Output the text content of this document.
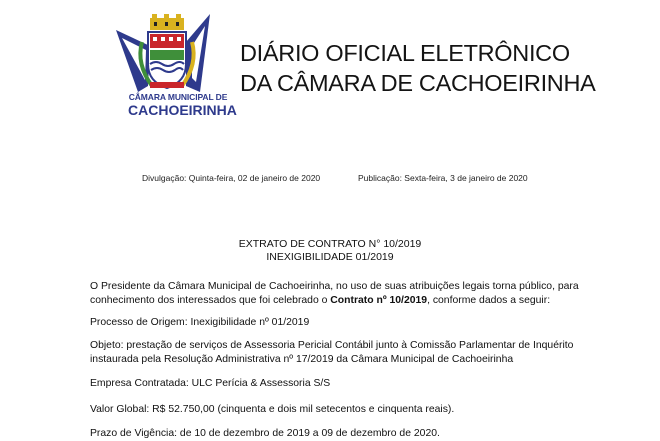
CÂMARA MUNICIPAL DE
CACHOEIRINHA
DIÁRIO OFICIAL ELETRÔNICO
DA CÂMARA DE CACHOEIRINHA
Divulgação: Quinta-feira, 02 de janeiro de 2020	Publicação: Sexta-feira, 3 de janeiro de 2020
EXTRATO DE CONTRATO N° 10/2019
INEXIGIBILIDADE 01/2019
O Presidente da Câmara Municipal de Cachoeirinha, no uso de suas atribuições legais torna público, para conhecimento dos interessados que foi celebrado o Contrato nº 10/2019, conforme dados a seguir:
Processo de Origem: Inexigibilidade nº 01/2019
Objeto: prestação de serviços de Assessoria Pericial Contábil junto à Comissão Parlamentar de Inquérito instaurada pela Resolução Administrativa nº 17/2019 da Câmara Municipal de Cachoeirinha
Empresa Contratada: ULC Perícia & Assessoria S/S
Valor Global: R$ 52.750,00 (cinquenta e dois mil setecentos e cinquenta reais).
Prazo de Vigência: de 10 de dezembro de 2019 a 09 de dezembro de 2020.
